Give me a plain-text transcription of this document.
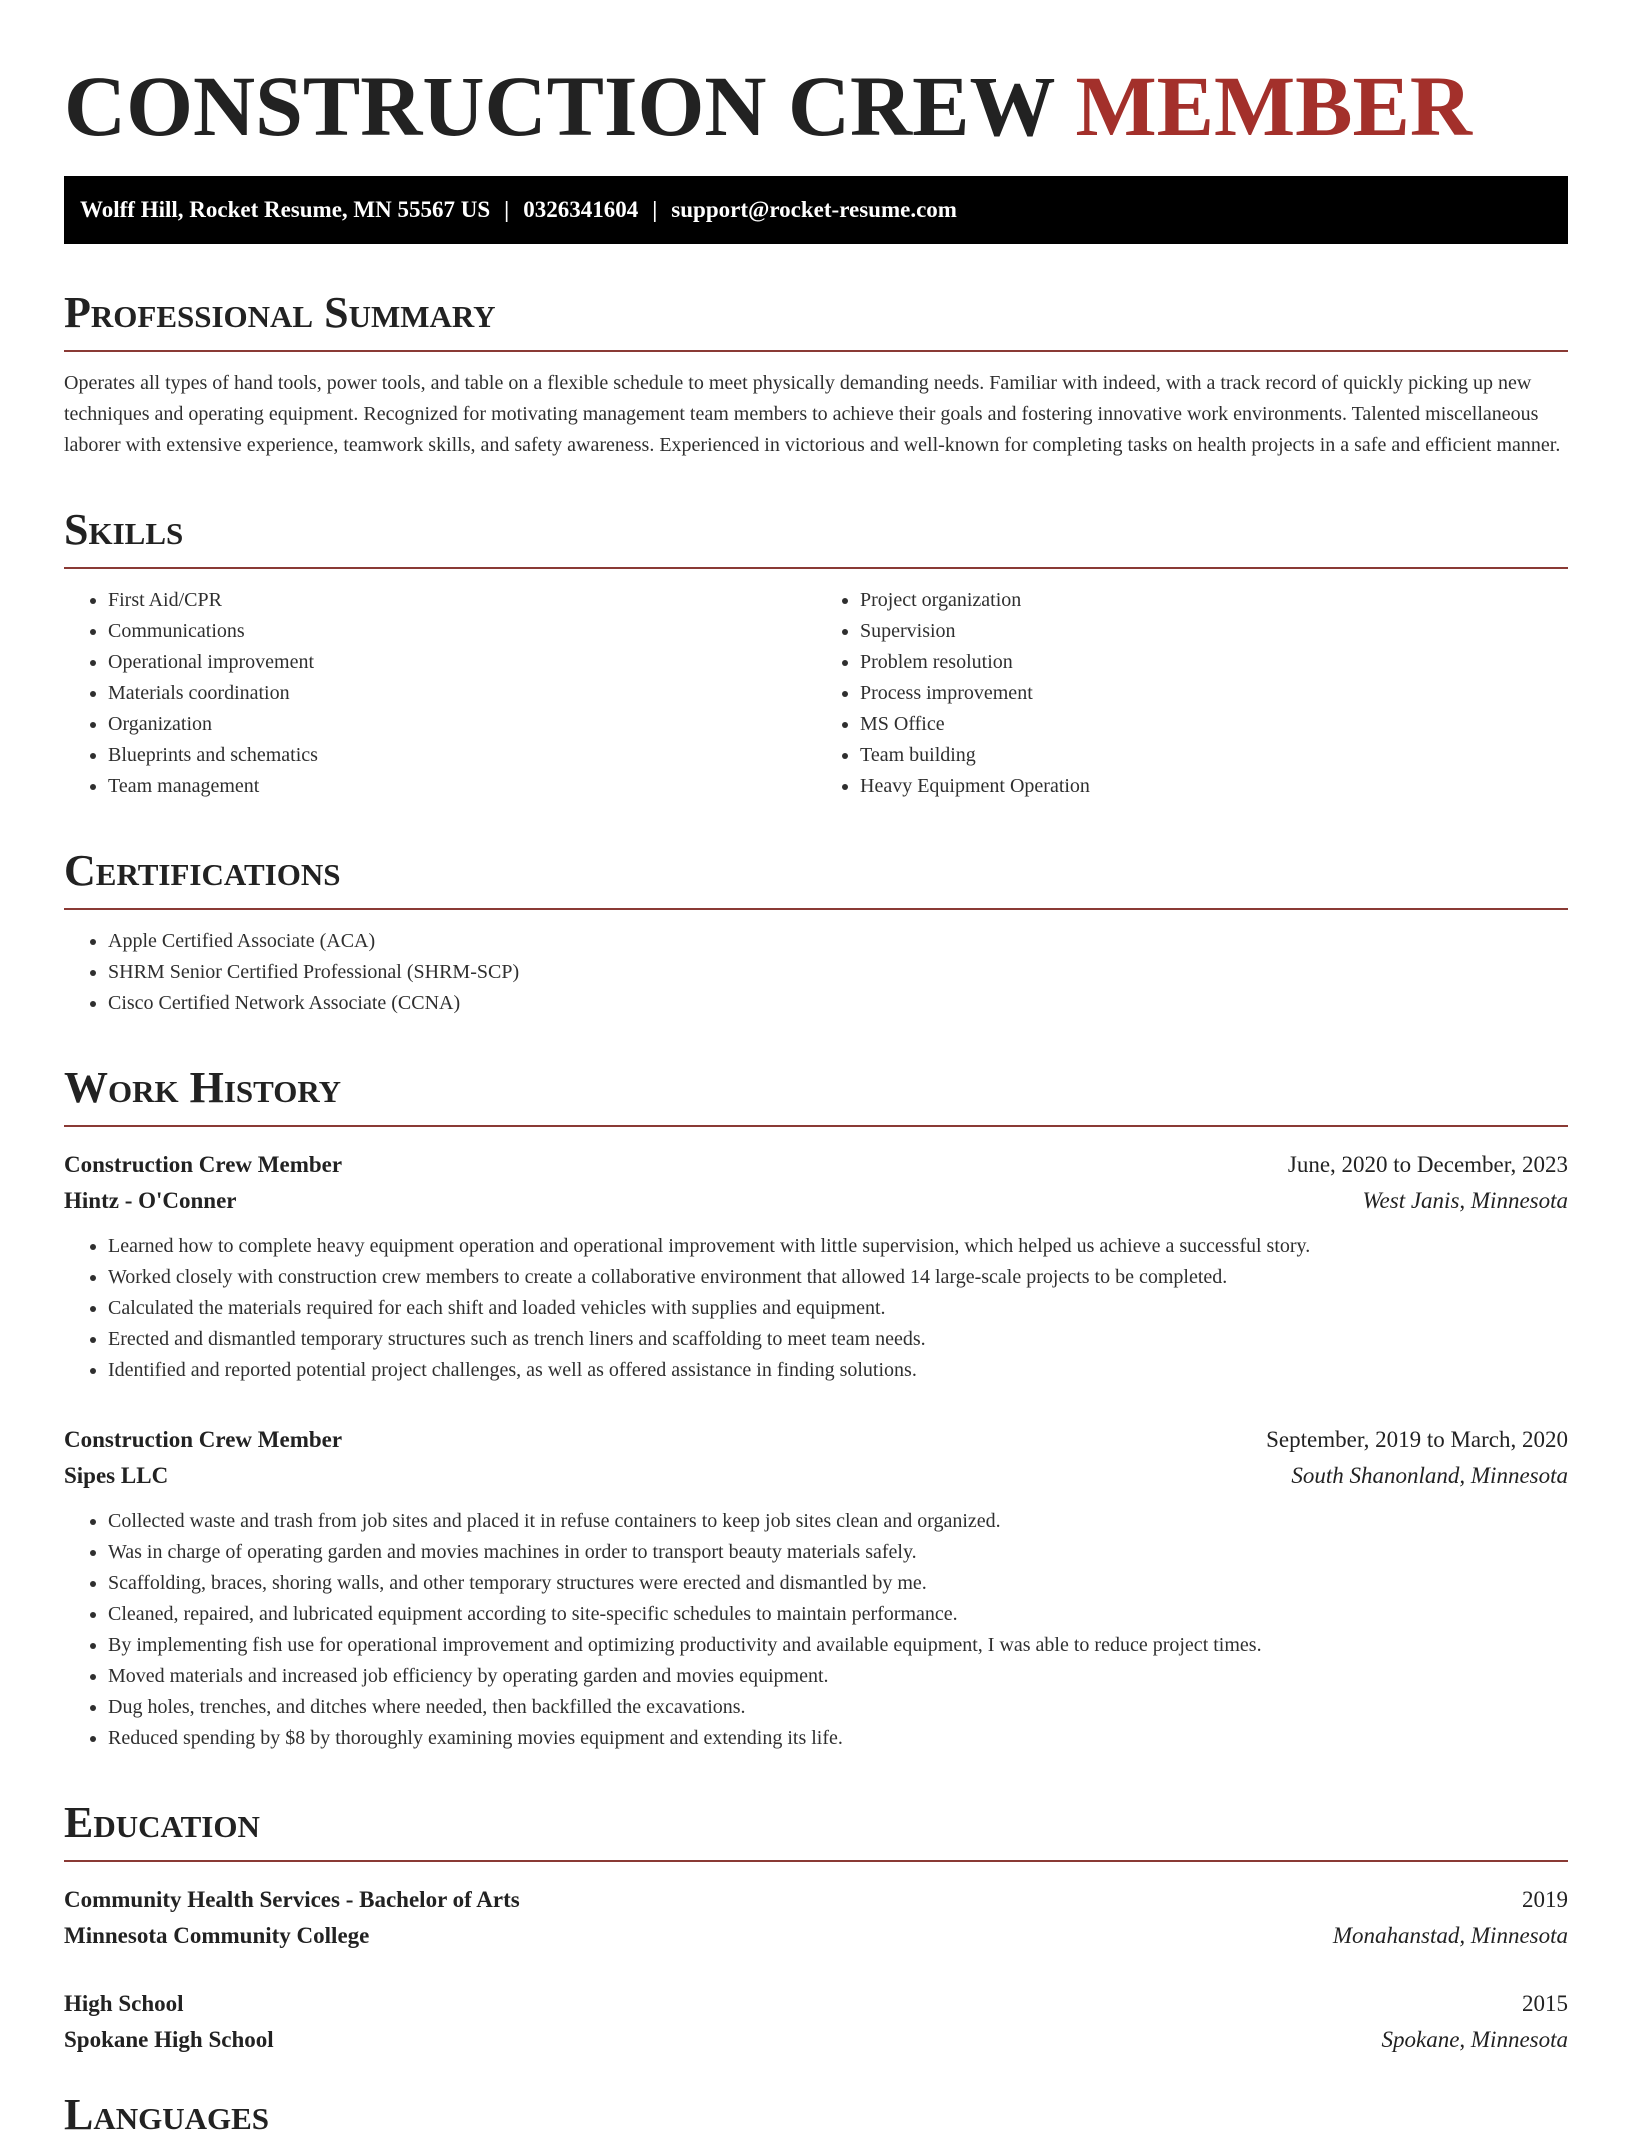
CONSTRUCTION CREW MEMBER
Wolff Hill, Rocket Resume, MN 55567 US | 0326341604 | support@rocket-resume.com
Professional Summary

Operates all types of hand tools, power tools, and table on a flexible schedule to meet physically demanding needs. Familiar with indeed, with a track record of quickly picking up new techniques and operating equipment. Recognized for motivating management team members to achieve their goals and fostering innovative work environments. Talented miscellaneous laborer with extensive experience, teamwork skills, and safety awareness. Experienced in victorious and well-known for completing tasks on health projects in a safe and efficient manner.

Skills
• First Aid/CPR
• Communications
• Operational improvement
• Materials coordination
• Organization
• Blueprints and schematics
• Team management
• Project organization
• Supervision
• Problem resolution
• Process improvement
• MS Office
• Team building
• Heavy Equipment Operation
Certifications
• Apple Certified Associate (ACA)
• SHRM Senior Certified Professional (SHRM-SCP)
• Cisco Certified Network Associate (CCNA)
Work History
Construction Crew Member	June, 2020 to December, 2023
Hintz - O'Conner	West Janis, Minnesota
• Learned how to complete heavy equipment operation and operational improvement with little supervision, which helped us achieve a successful story.
• Worked closely with construction crew members to create a collaborative environment that allowed 14 large-scale projects to be completed.
• Calculated the materials required for each shift and loaded vehicles with supplies and equipment.
• Erected and dismantled temporary structures such as trench liners and scaffolding to meet team needs.
• Identified and reported potential project challenges, as well as offered assistance in finding solutions.
Construction Crew Member	September, 2019 to March, 2020
Sipes LLC	South Shanonland, Minnesota
• Collected waste and trash from job sites and placed it in refuse containers to keep job sites clean and organized.
• Was in charge of operating garden and movies machines in order to transport beauty materials safely.
• Scaffolding, braces, shoring walls, and other temporary structures were erected and dismantled by me.
• Cleaned, repaired, and lubricated equipment according to site-specific schedules to maintain performance.
• By implementing fish use for operational improvement and optimizing productivity and available equipment, I was able to reduce project times.
• Moved materials and increased job efficiency by operating garden and movies equipment.
• Dug holes, trenches, and ditches where needed, then backfilled the excavations.
• Reduced spending by $8 by thoroughly examining movies equipment and extending its life.
Education
Community Health Services - Bachelor of Arts	2019
Minnesota Community College	Monahanstad, Minnesota
High School	2015
Spokane High School	Spokane, Minnesota
Languages
